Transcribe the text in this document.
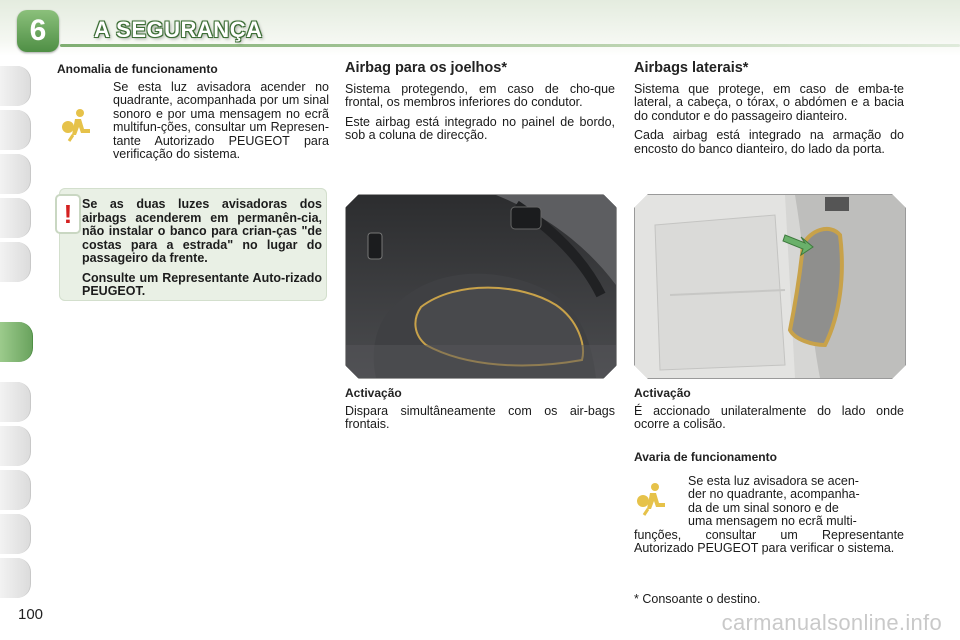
6	A SEGURANÇA
Anomalia de funcionamento

Se esta luz avisadora acender no quadrante, acompanhada por um sinal sonoro e por uma mensagem no ecrã multifun-ções, consultar um Represen-tante Autorizado PEUGEOT para verificação do sistema.

! Se as duas luzes avisadoras dos airbags acenderem em permanên-cia, não instalar o banco para crian-ças "de costas para a estrada" no lugar do passageiro da frente.

Consulte um Representante Auto-rizado PEUGEOT.

Airbag para os joelhos*

Sistema protegendo, em caso de cho-que frontal, os membros inferiores do condutor.

Este airbag está integrado no painel de bordo, sob a coluna de direcção.

Activação

Dispara simultâneamente com os air-bags frontais.

Airbags laterais*

Sistema que protege, em caso de emba-te lateral, a cabeça, o tórax, o abdómen e a bacia do condutor e do passageiro dianteiro.

Cada airbag está integrado na armação do encosto do banco dianteiro, do lado da porta.

Activação

É accionado unilateralmente do lado onde ocorre a colisão.

Avaria de funcionamento

Se esta luz avisadora se acen-
der no quadrante, acompanha-
da de um sinal sonoro e de
uma mensagem no ecrã multi-
funções, consultar um Representante Autorizado PEUGEOT para verificar o sistema.

* Consoante o destino.
100	carmanualsonline.info
